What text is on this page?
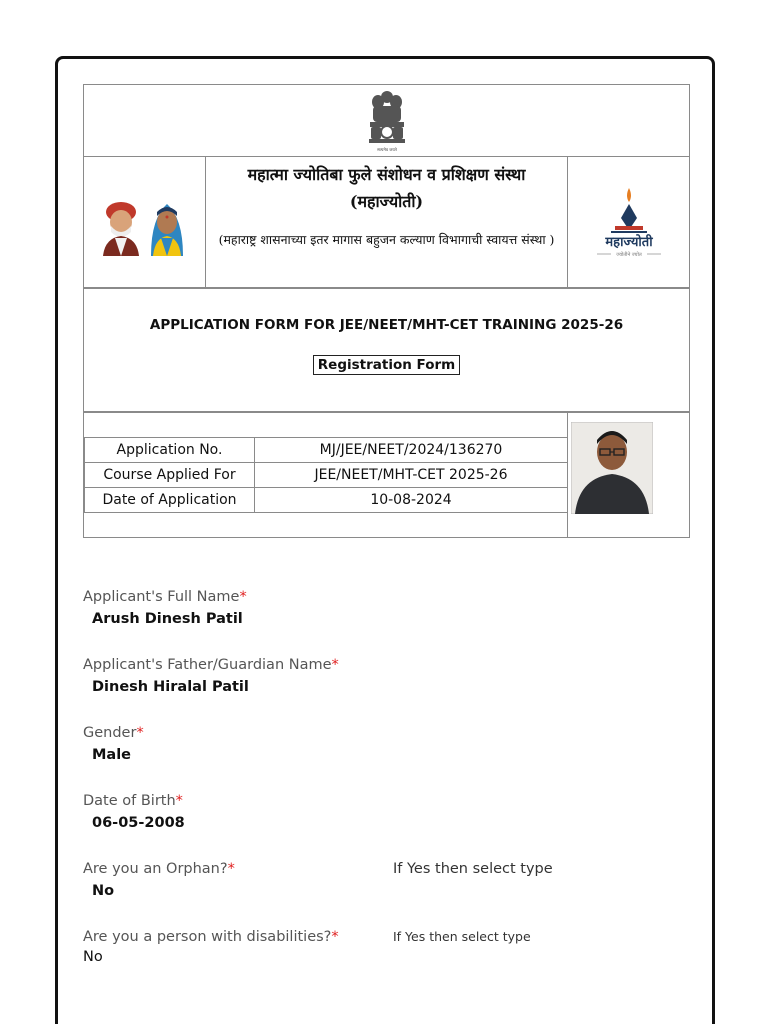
सत्यमेव जयते
महात्मा ज्योतिबा फुले संशोधन व प्रशिक्षण संस्था
(महाज्योती)
(महाराष्ट्र शासनाच्या इतर मागास बहुजन कल्याण विभागाची स्वायत्त संस्था )	महाज्योती
ज्योतीने ज्योत
APPLICATION FORM FOR JEE/NEET/MHT-CET TRAINING 2025-26
Registration Form
Application No.	MJ/JEE/NEET/2024/136270
Course Applied For	JEE/NEET/MHT-CET 2025-26
Date of Application	10-08-2024
Applicant's Full Name*
Arush Dinesh Patil
Applicant's Father/Guardian Name*
Dinesh Hiralal Patil
Gender*
Male
Date of Birth*
06-05-2008
Are you an Orphan?*
No
If Yes then select type
Are you a person with disabilities?*
No
If Yes then select type
